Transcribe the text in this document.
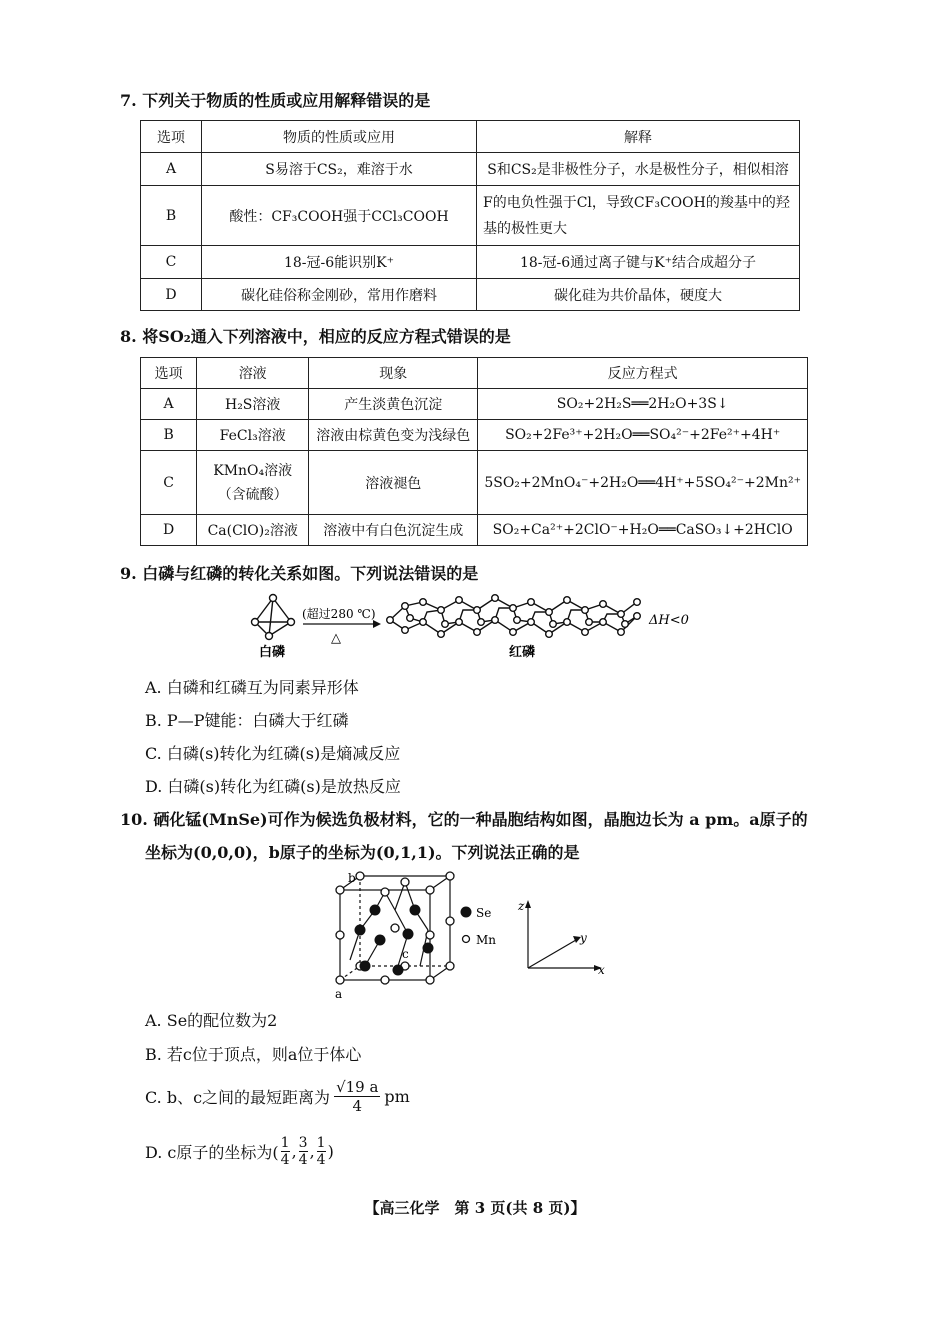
7. 下列关于物质的性质或应用解释错误的是
选项	物质的性质或应用	解释
A	S易溶于CS₂，难溶于水	S和CS₂是非极性分子，水是极性分子，相似相溶
B	酸性：CF₃COOH强于CCl₃COOH	F的电负性强于Cl，导致CF₃COOH的羧基中的羟基的极性更大
C	18-冠-6能识别K⁺	18-冠-6通过离子键与K⁺结合成超分子
D	碳化硅俗称金刚砂，常用作磨料	碳化硅为共价晶体，硬度大
8. 将SO₂通入下列溶液中，相应的反应方程式错误的是
选项	溶液	现象	反应方程式
A	H₂S溶液	产生淡黄色沉淀	SO₂+2H₂S══2H₂O+3S↓
B	FeCl₃溶液	溶液由棕黄色变为浅绿色	SO₂+2Fe³⁺+2H₂O══SO₄²⁻+2Fe²⁺+4H⁺
C	KMnO₄溶液（含硫酸）	溶液褪色	5SO₂+2MnO₄⁻+2H₂O══4H⁺+5SO₄²⁻+2Mn²⁺
D	Ca(ClO)₂溶液	溶液中有白色沉淀生成	SO₂+Ca²⁺+2ClO⁻+H₂O══CaSO₃↓+2HClO
9. 白磷与红磷的转化关系如图。下列说法错误的是
白磷
(超过280 ℃)
△
红磷
ΔH<0
A. 白磷和红磷互为同素异形体
B. P—P键能：白磷大于红磷
C. 白磷(s)转化为红磷(s)是熵减反应
D. 白磷(s)转化为红磷(s)是放热反应
10. 硒化锰(MnSe)可作为候选负极材料，它的一种晶胞结构如图，晶胞边长为 a pm。a原子的
坐标为(0,0,0)，b原子的坐标为(0,1,1)。下列说法正确的是
b
a
c
Se
Mn
z
y
x
A. Se的配位数为2
B. 若c位于顶点，则a位于体心
C. b、c之间的最短距离为 $\frac{√19 a}{4}$ pm
D. c原子的坐标为( $\frac{1}{4}$ , $\frac{3}{4}$ , $\frac{1}{4}$ )
【高三化学　第 3 页(共 8 页)】
